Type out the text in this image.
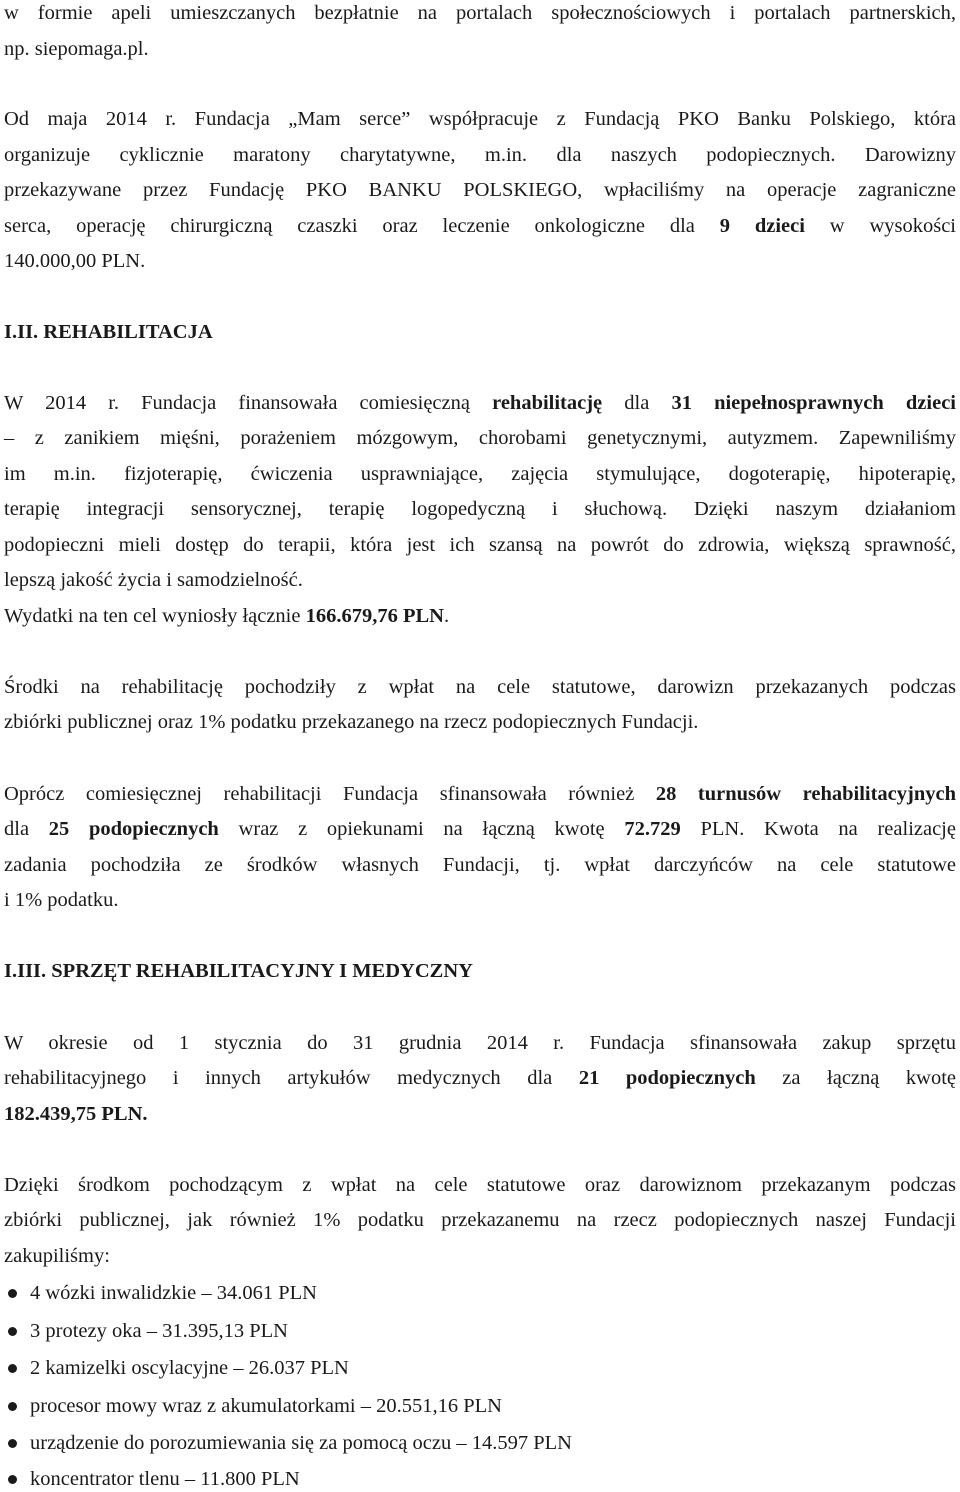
w formie apeli umieszczanych bezpłatnie na portalach społecznościowych i portalach partnerskich,
np. siepomaga.pl.
Od maja 2014 r. Fundacja „Mam serce” współpracuje z Fundacją PKO Banku Polskiego, która
organizuje cyklicznie maratony charytatywne, m.in. dla naszych podopiecznych. Darowizny
przekazywane przez Fundację PKO BANKU POLSKIEGO, wpłaciliśmy na operacje zagraniczne
serca, operację chirurgiczną czaszki oraz leczenie onkologiczne dla 9 dzieci w wysokości
140.000,00 PLN.
I.II. REHABILITACJA
W 2014 r. Fundacja finansowała comiesięczną rehabilitację dla 31 niepełnosprawnych dzieci
– z zanikiem mięśni, porażeniem mózgowym, chorobami genetycznymi, autyzmem. Zapewniliśmy
im m.in. fizjoterapię, ćwiczenia usprawniające, zajęcia stymulujące, dogoterapię, hipoterapię,
terapię integracji sensorycznej, terapię logopedyczną i słuchową. Dzięki naszym działaniom
podopieczni mieli dostęp do terapii, która jest ich szansą na powrót do zdrowia, większą sprawność,
lepszą jakość życia i samodzielność.
Wydatki na ten cel wyniosły łącznie 166.679,76 PLN.
Środki na rehabilitację pochodziły z wpłat na cele statutowe, darowizn przekazanych podczas
zbiórki publicznej oraz 1% podatku przekazanego na rzecz podopiecznych Fundacji.
Oprócz comiesięcznej rehabilitacji Fundacja sfinansowała również 28 turnusów rehabilitacyjnych
dla 25 podopiecznych wraz z opiekunami na łączną kwotę 72.729 PLN. Kwota na realizację
zadania pochodziła ze środków własnych Fundacji, tj. wpłat darczyńców na cele statutowe
i 1% podatku.
I.III. SPRZĘT REHABILITACYJNY I MEDYCZNY
W okresie od 1 stycznia do 31 grudnia 2014 r. Fundacja sfinansowała zakup sprzętu
rehabilitacyjnego i innych artykułów medycznych dla 21 podopiecznych za łączną kwotę
182.439,75 PLN.
Dzięki środkom pochodzącym z wpłat na cele statutowe oraz darowiznom przekazanym podczas
zbiórki publicznej, jak również 1% podatku przekazanemu na rzecz podopiecznych naszej Fundacji
zakupiliśmy:
4 wózki inwalidzkie – 34.061 PLN
3 protezy oka – 31.395,13 PLN
2 kamizelki oscylacyjne – 26.037 PLN
procesor mowy wraz z akumulatorkami – 20.551,16 PLN
urządzenie do porozumiewania się za pomocą oczu – 14.597 PLN
koncentrator tlenu – 11.800 PLN
